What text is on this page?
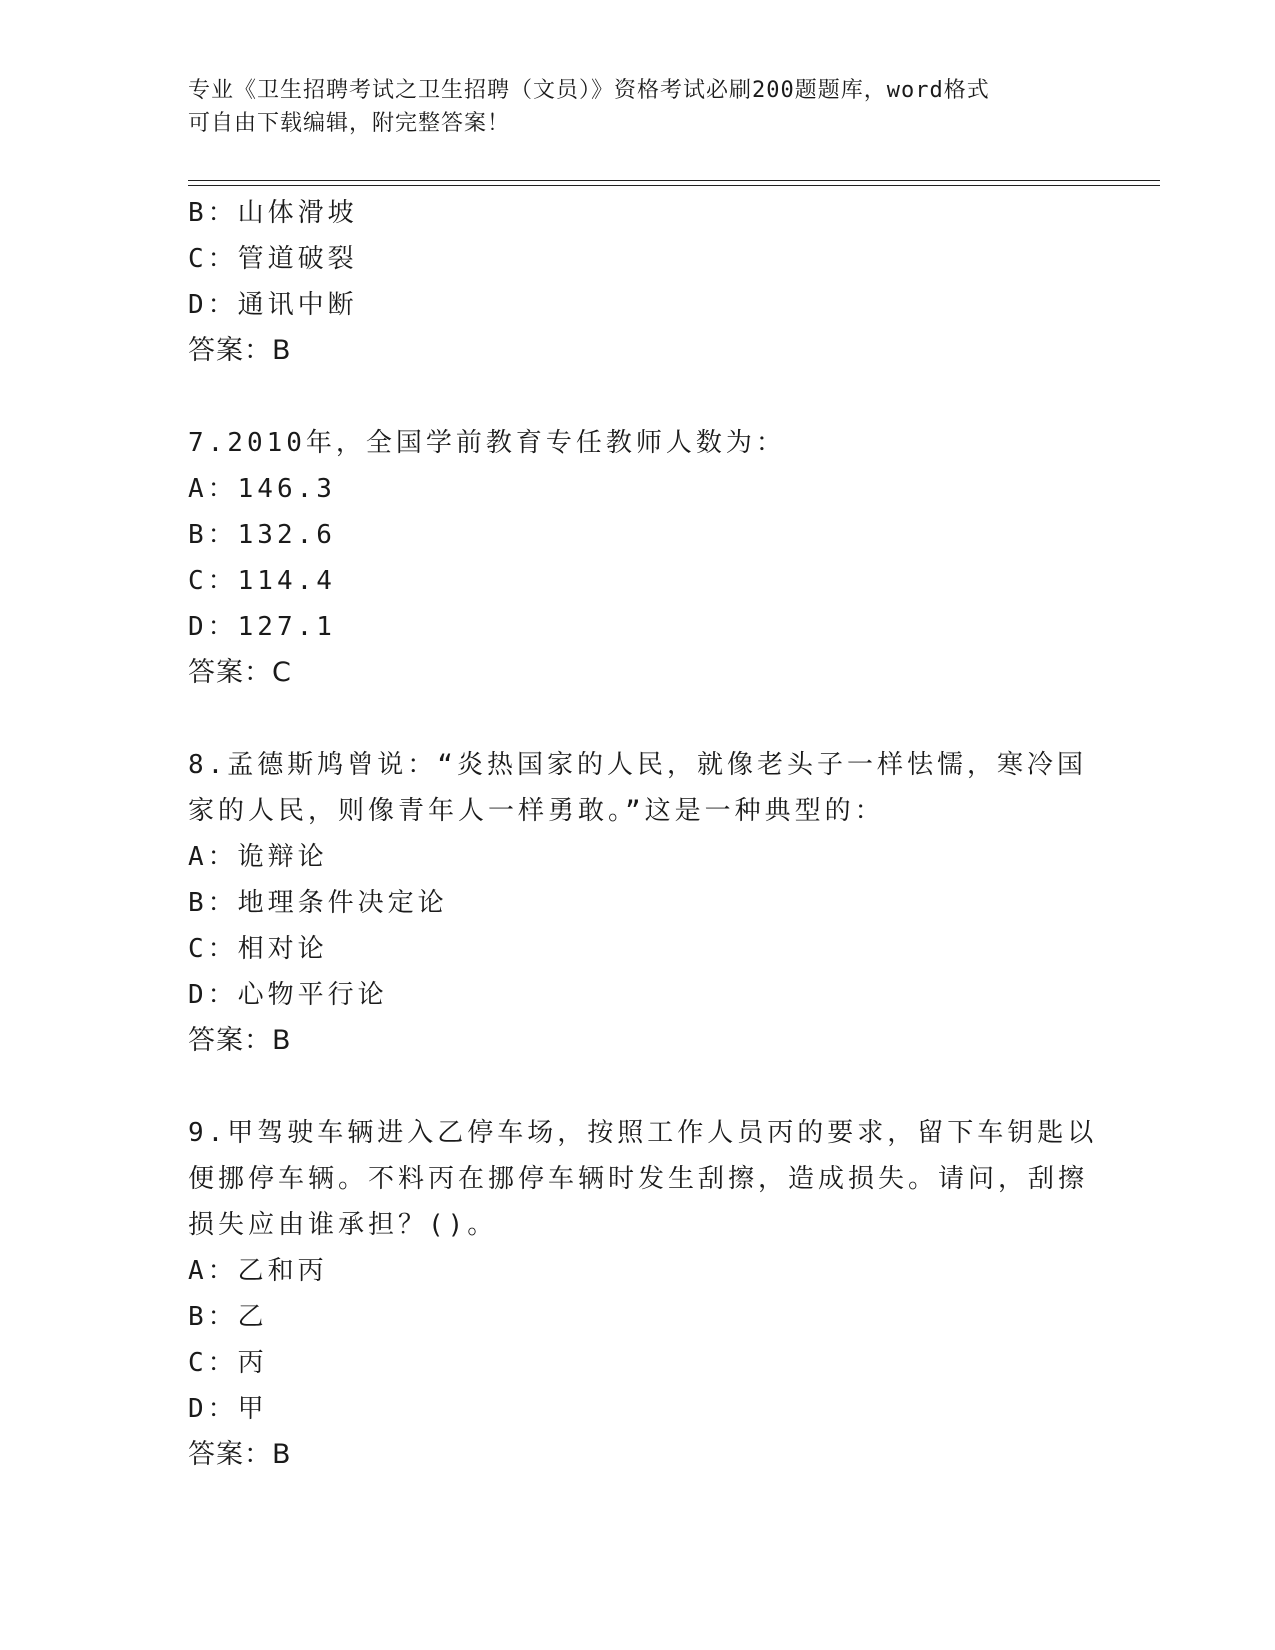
专业《卫生招聘考试之卫生招聘（文员）》资格考试必刷200题题库，word格式
可自由下载编辑，附完整答案！
B：山体滑坡
C：管道破裂
D：通讯中断
答案：B
7.2010年，全国学前教育专任教师人数为：
A：146.3
B：132.6
C：114.4
D：127.1
答案：C
8.孟德斯鸠曾说：“炎热国家的人民，就像老头子一样怯懦，寒冷国
家的人民，则像青年人一样勇敢。”这是一种典型的：
A：诡辩论
B：地理条件决定论
C：相对论
D：心物平行论
答案：B
9.甲驾驶车辆进入乙停车场，按照工作人员丙的要求，留下车钥匙以
便挪停车辆。不料丙在挪停车辆时发生刮擦，造成损失。请问，刮擦
损失应由谁承担？()。
A：乙和丙
B：乙
C：丙
D：甲
答案：B
